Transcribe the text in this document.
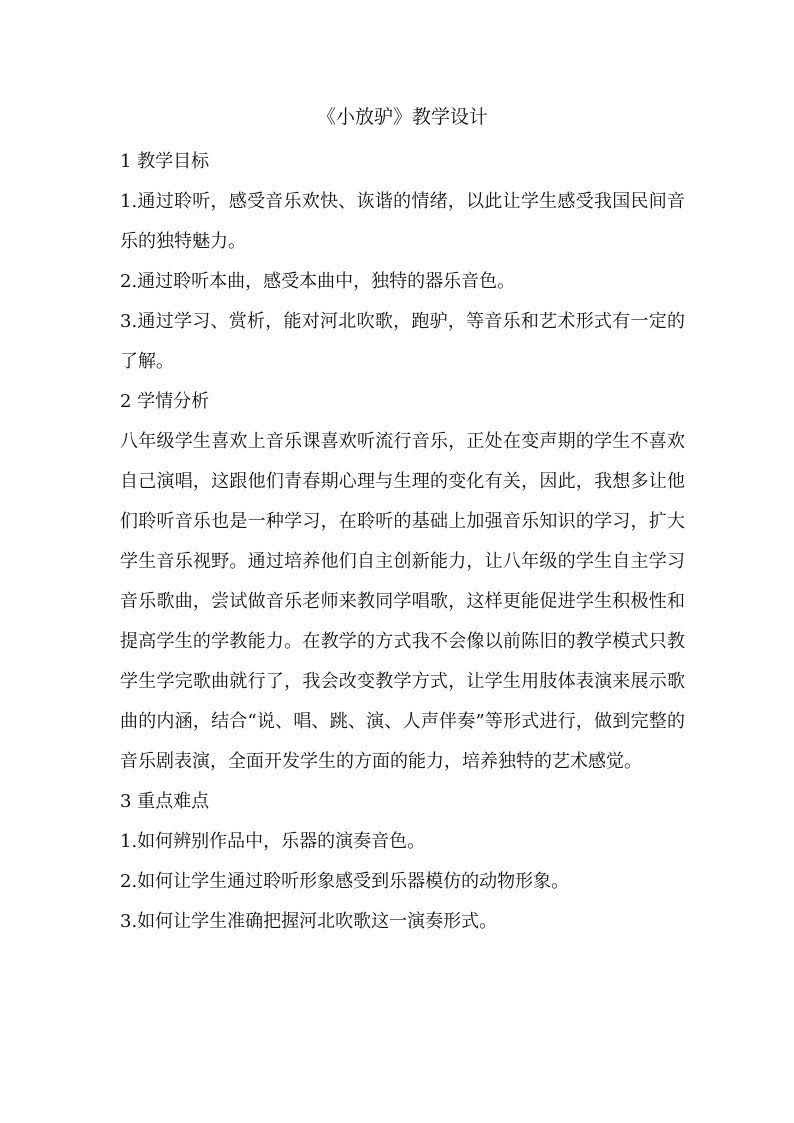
《小放驴》教学设计

1 教学目标

1.通过聆听，感受音乐欢快、诙谐的情绪，以此让学生感受我国民间音乐的独特魅力。

2.通过聆听本曲，感受本曲中，独特的器乐音色。

3.通过学习、赏析，能对河北吹歌，跑驴，等音乐和艺术形式有一定的了解。

2 学情分析

八年级学生喜欢上音乐课喜欢听流行音乐，正处在变声期的学生不喜欢自己演唱，这跟他们青春期心理与生理的变化有关，因此，我想多让他们聆听音乐也是一种学习，在聆听的基础上加强音乐知识的学习，扩大学生音乐视野。通过培养他们自主创新能力，让八年级的学生自主学习音乐歌曲，尝试做音乐老师来教同学唱歌，这样更能促进学生积极性和提高学生的学教能力。在教学的方式我不会像以前陈旧的教学模式只教学生学完歌曲就行了，我会改变教学方式，让学生用肢体表演来展示歌曲的内涵，结合“说、唱、跳、演、人声伴奏”等形式进行，做到完整的音乐剧表演，全面开发学生的方面的能力，培养独特的艺术感觉。

3 重点难点

1.如何辨别作品中，乐器的演奏音色。

2.如何让学生通过聆听形象感受到乐器模仿的动物形象。

3.如何让学生准确把握河北吹歌这一演奏形式。
